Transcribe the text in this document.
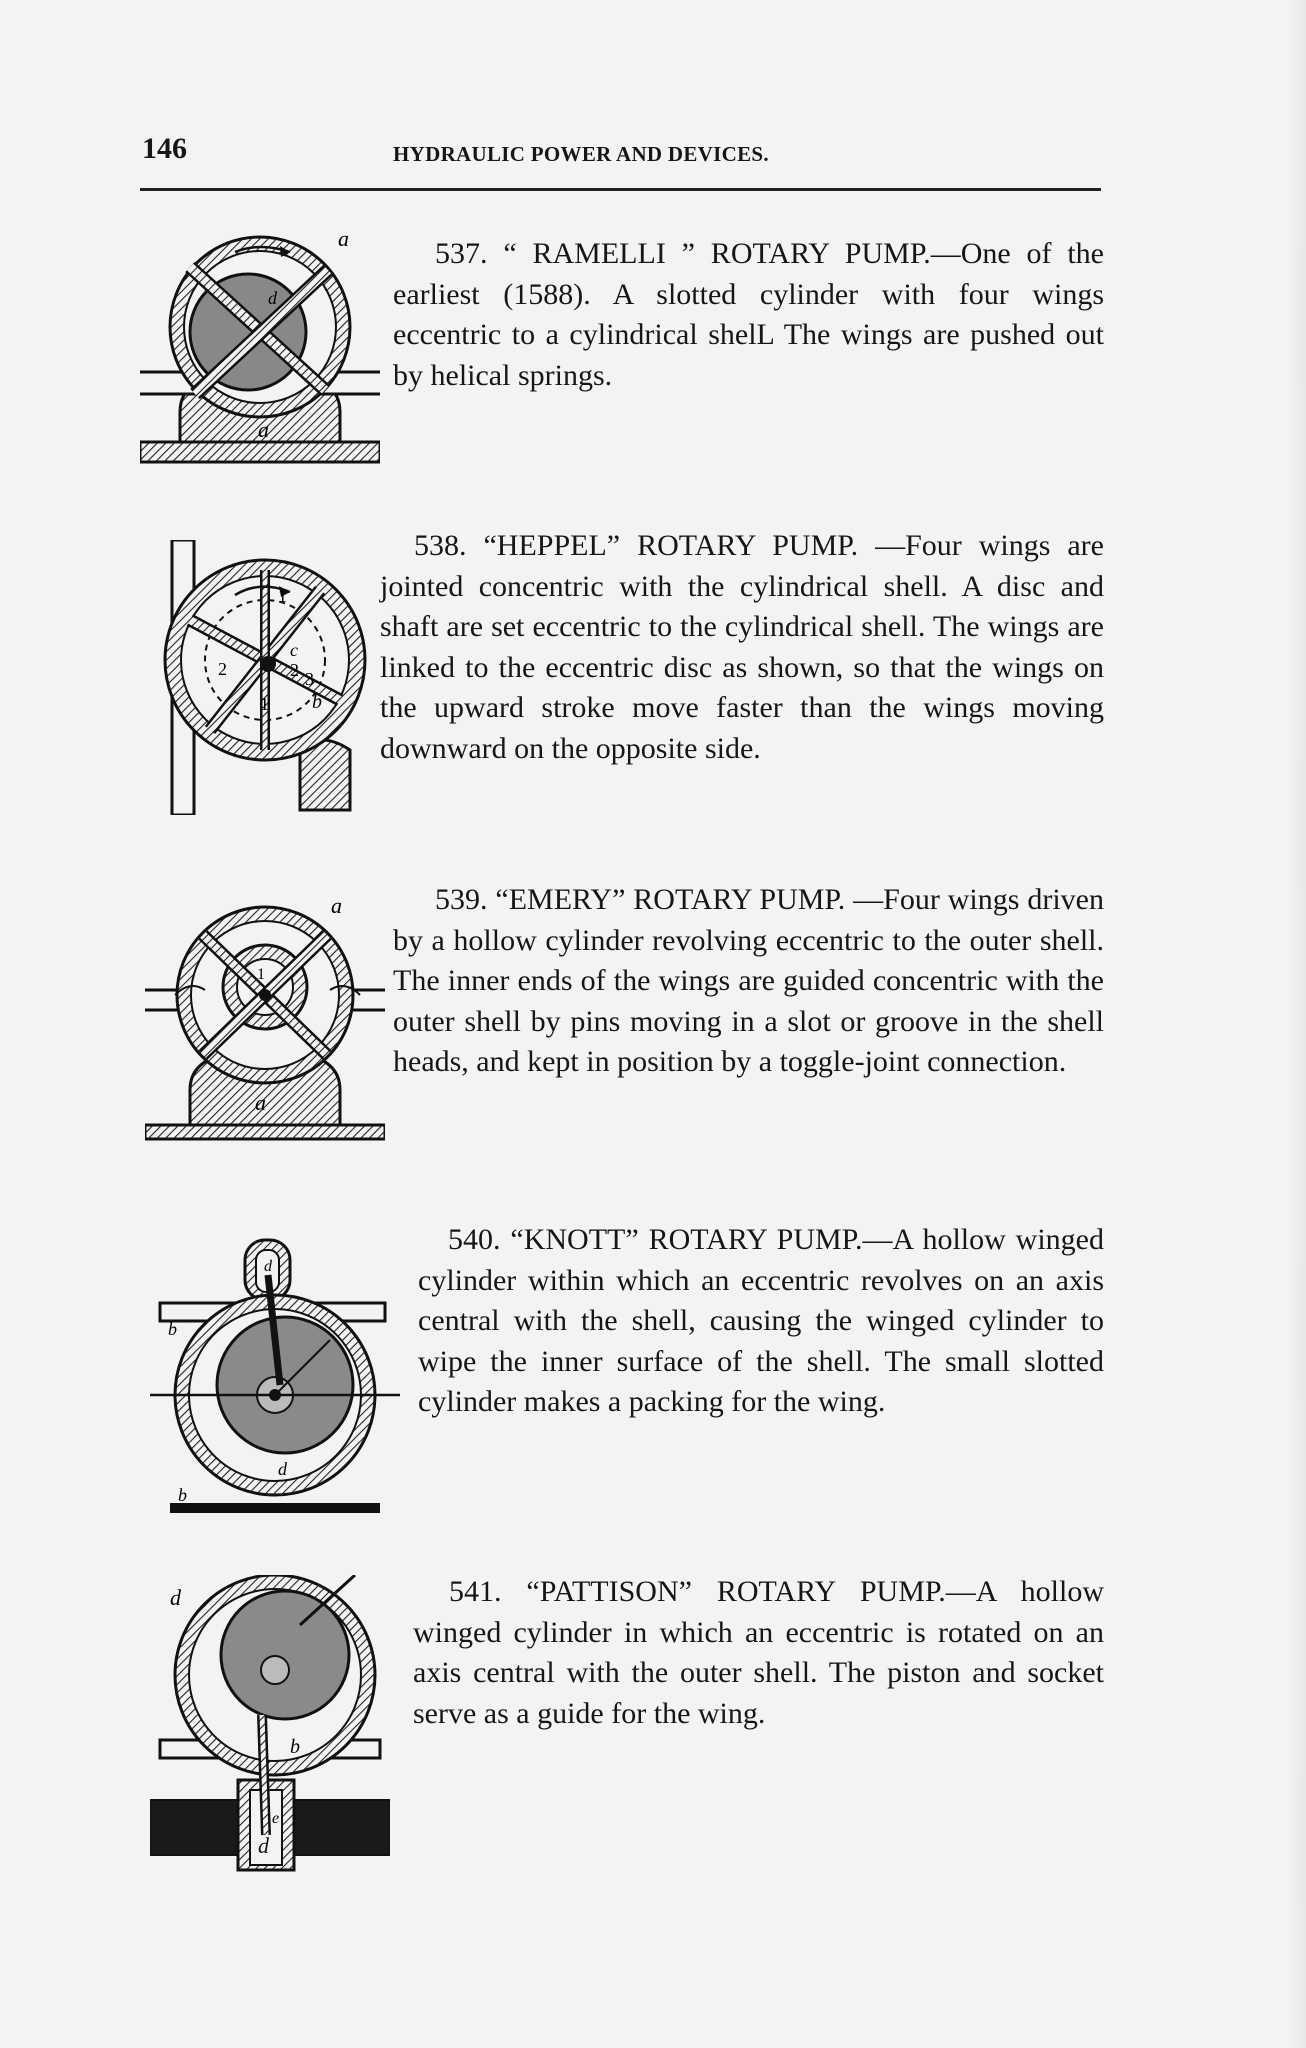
146	HYDRAULIC POWER AND DEVICES.
a
d
a
537. “ RAMELLI ” ROTARY PUMP.—One of the earliest (1588). A slotted cylinder with four wings eccentric to a cylindrical shelL The wings are pushed out by helical springs.
1
2	3
c
2
1 b
538. “HEPPEL” ROTARY PUMP. —Four wings are jointed concentric with the cylindrical shell. A disc and shaft are set eccentric to the cylindrical shell. The wings are linked to the eccentric disc as shown, so that the wings on the upward stroke move faster than the wings moving downward on the opposite side.
a
1
a
539. “EMERY” ROTARY PUMP. —Four wings driven by a hollow cylinder revolving eccentric to the outer shell. The inner ends of the wings are guided concentric with the outer shell by pins moving in a slot or groove in the shell heads, and kept in position by a toggle-joint connection.
d
b
d
b
540. “KNOTT” ROTARY PUMP.—A hollow winged cylinder within which an eccentric revolves on an axis central with the shell, causing the winged cylinder to wipe the inner surface of the shell. The small slotted cylinder makes a packing for the wing.
d
b
e
d
541. “PATTISON” ROTARY PUMP.—A hollow winged cylinder in which an eccentric is rotated on an axis central with the outer shell. The piston and socket serve as a guide for the wing.
